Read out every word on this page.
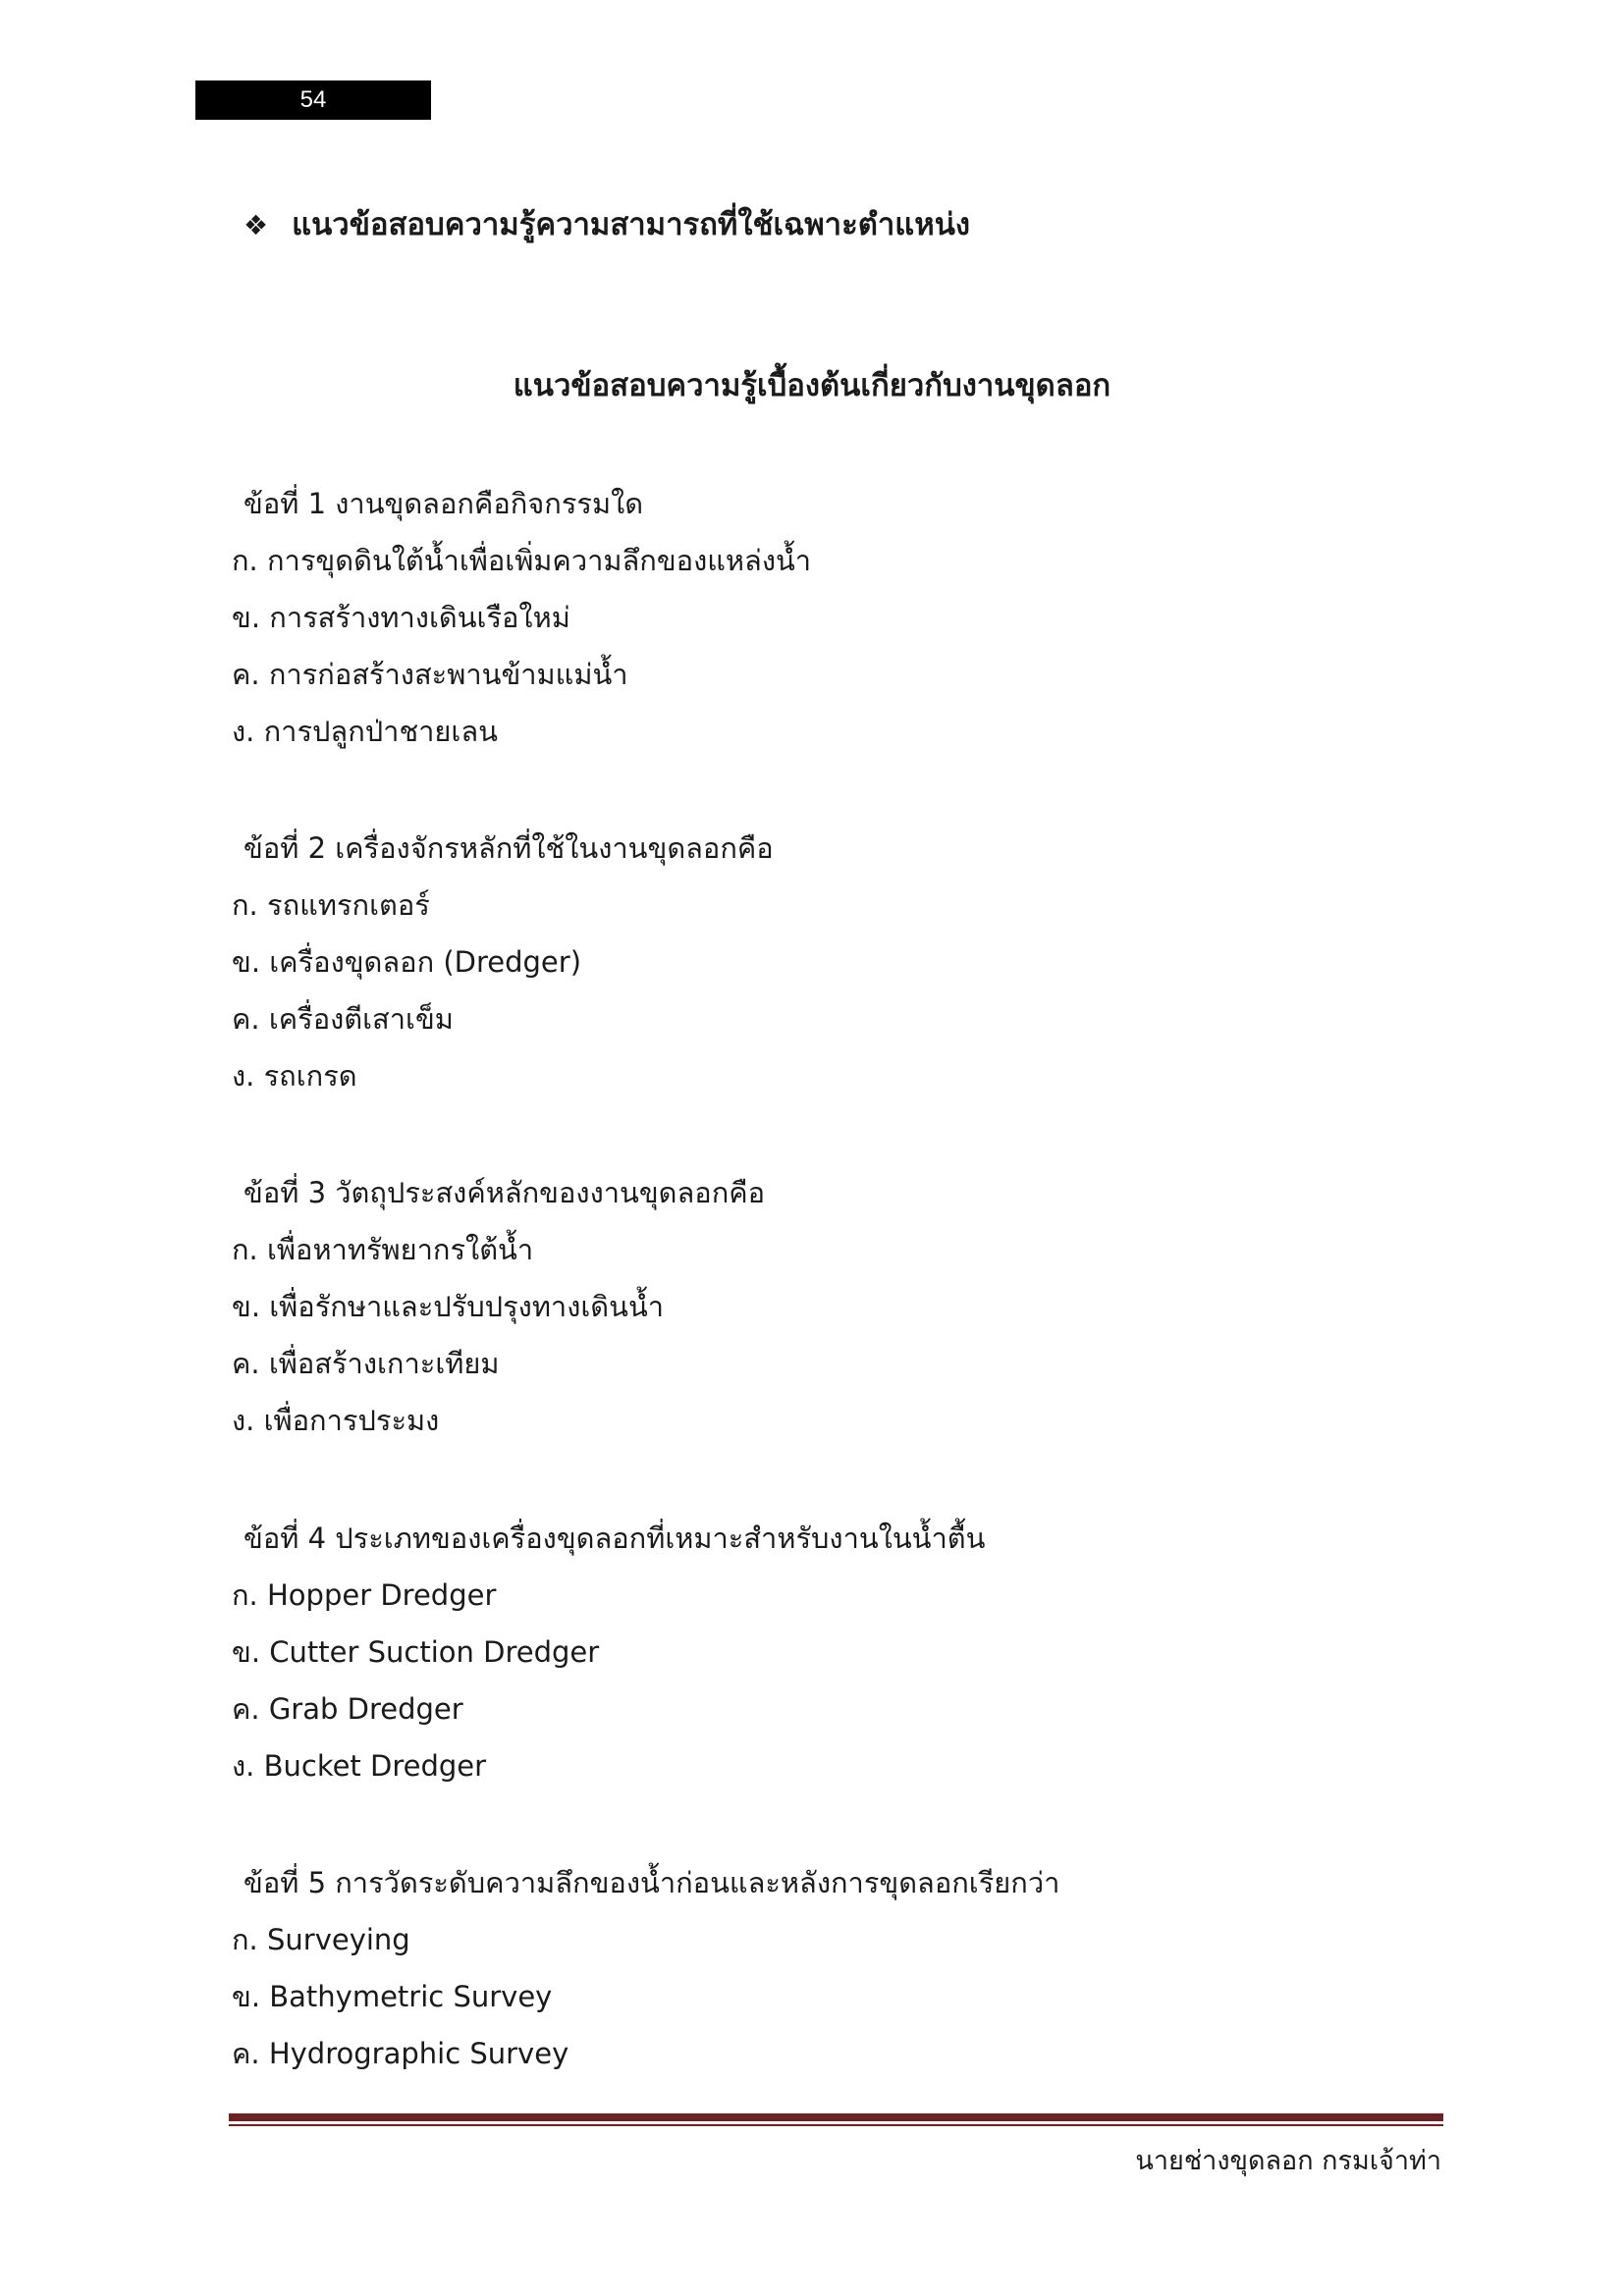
54
❖ แนวข้อสอบความรู้ความสามารถที่ใช้เฉพาะตำแหน่ง
แนวข้อสอบความรู้เบื้องต้นเกี่ยวกับงานขุดลอก
ข้อที่ 1 งานขุดลอกคือกิจกรรมใด
ก. การขุดดินใต้น้ำเพื่อเพิ่มความลึกของแหล่งน้ำ
ข. การสร้างทางเดินเรือใหม่
ค. การก่อสร้างสะพานข้ามแม่น้ำ
ง. การปลูกป่าชายเลน
ข้อที่ 2 เครื่องจักรหลักที่ใช้ในงานขุดลอกคือ
ก. รถแทรกเตอร์
ข. เครื่องขุดลอก (Dredger)
ค. เครื่องตีเสาเข็ม
ง. รถเกรด
ข้อที่ 3 วัตถุประสงค์หลักของงานขุดลอกคือ
ก. เพื่อหาทรัพยากรใต้น้ำ
ข. เพื่อรักษาและปรับปรุงทางเดินน้ำ
ค. เพื่อสร้างเกาะเทียม
ง. เพื่อการประมง
ข้อที่ 4 ประเภทของเครื่องขุดลอกที่เหมาะสำหรับงานในน้ำตื้น
ก. Hopper Dredger
ข. Cutter Suction Dredger
ค. Grab Dredger
ง. Bucket Dredger
ข้อที่ 5 การวัดระดับความลึกของน้ำก่อนและหลังการขุดลอกเรียกว่า
ก. Surveying
ข. Bathymetric Survey
ค. Hydrographic Survey
นายช่างขุดลอก กรมเจ้าท่า
